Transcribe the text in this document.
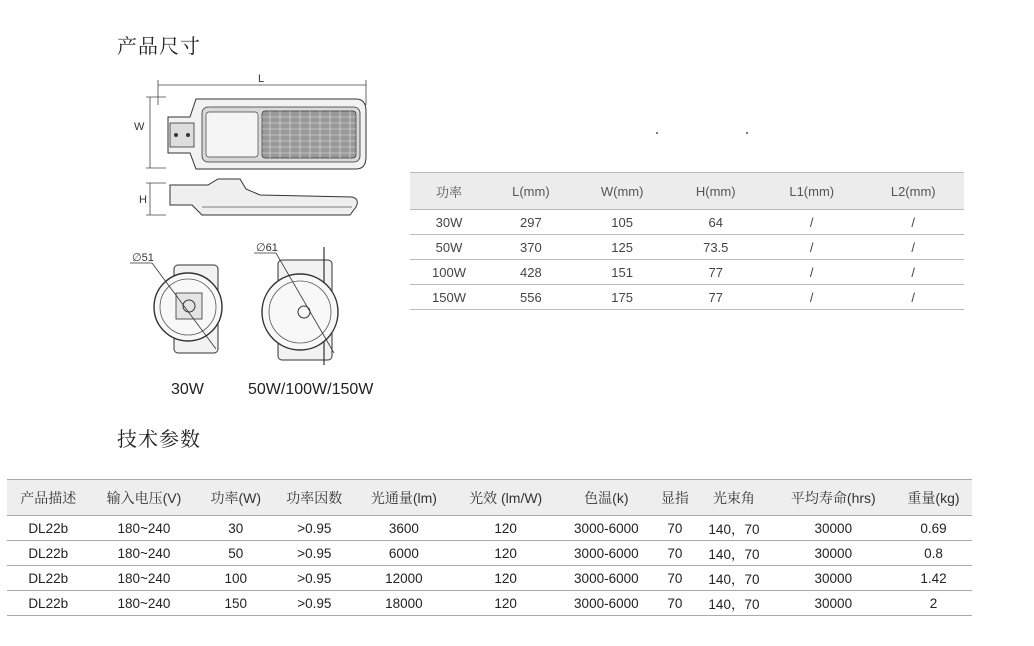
产品尺寸
L
W
H
∅51
∅61
30W	50W/100W/150W
功率	L(mm)	W(mm)	H(mm)	L1(mm)	L2(mm)
30W	297	105	64	/	/
50W	370	125	73.5	/	/
100W	428	151	77	/	/
150W	556	175	77	/	/
技术参数
产品描述	输入电压(V)	功率(W)	功率因数	光通量(lm)	光效 (lm/W)	色温(k)	显指	光束角	平均寿命(hrs)	重量(kg)
DL22b	180~240	30	>0.95	3600	120	3000-6000	70	140，70	30000	0.69
DL22b	180~240	50	>0.95	6000	120	3000-6000	70	140，70	30000	0.8
DL22b	180~240	100	>0.95	12000	120	3000-6000	70	140，70	30000	1.42
DL22b	180~240	150	>0.95	18000	120	3000-6000	70	140，70	30000	2
